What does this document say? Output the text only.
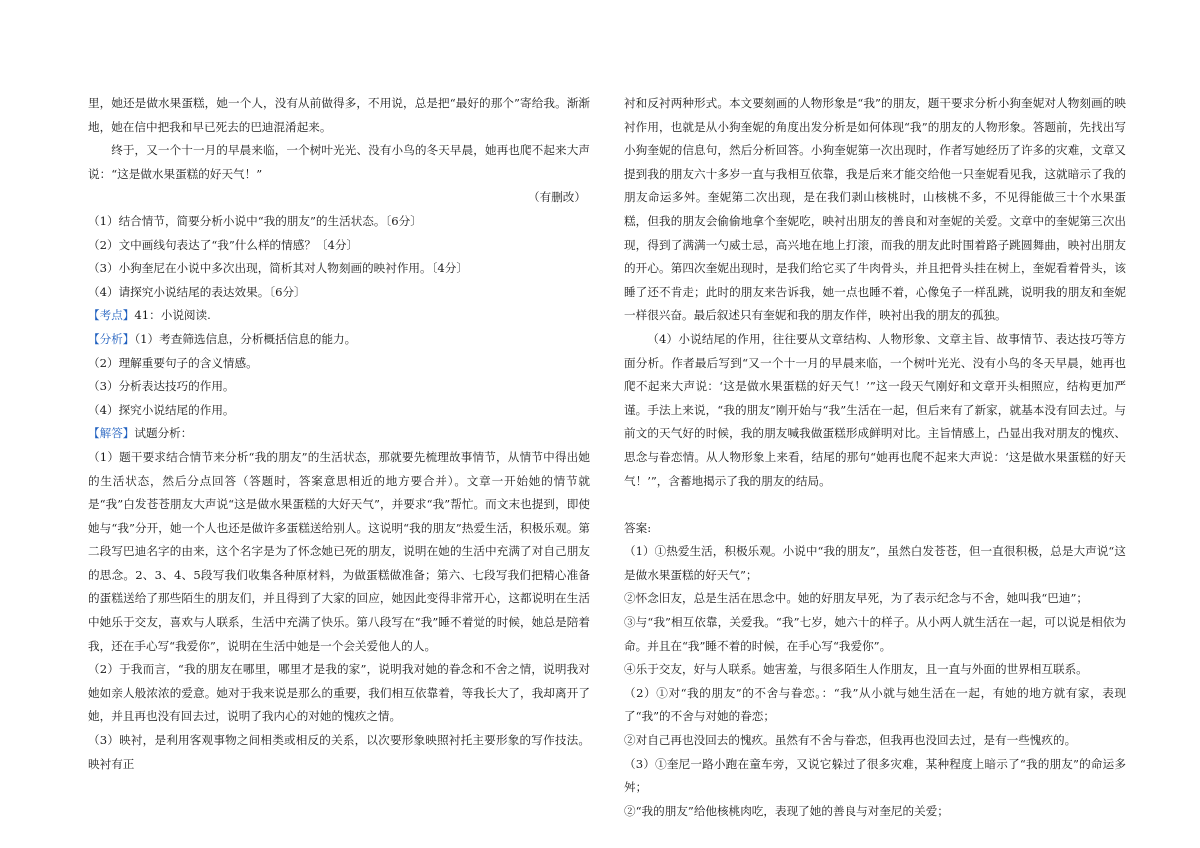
里，她还是做水果蛋糕，她一个人，没有从前做得多，不用说，总是把“最好的那个”寄给我。渐渐地，她在信中把我和早已死去的巴迪混淆起来。

终于，又一个十一月的早晨来临，一个树叶光光、没有小鸟的冬天早晨，她再也爬不起来大声说：“这是做水果蛋糕的好天气！”

（有删改）

（1）结合情节，简要分析小说中“我的朋友”的生活状态。〔6分〕

（2）文中画线句表达了“我”什么样的情感？〔4分〕

（3）小狗奎尼在小说中多次出现，简析其对人物刻画的映衬作用。〔4分〕

（4）请探究小说结尾的表达效果。〔6分〕

【考点】41：小说阅读.

【分析】（1）考查筛选信息，分析概括信息的能力。

（2）理解重要句子的含义情感。

（3）分析表达技巧的作用。

（4）探究小说结尾的作用。

【解答】试题分析：

（1）题干要求结合情节来分析“我的朋友”的生活状态，那就要先梳理故事情节，从情节中得出她的生活状态，然后分点回答（答题时，答案意思相近的地方要合并）。文章一开始她的情节就是“我”白发苍苍朋友大声说“这是做水果蛋糕的大好天气”，并要求“我”帮忙。而文末也提到，即使她与“我”分开，她一个人也还是做许多蛋糕送给别人。这说明“我的朋友”热爱生活，积极乐观。第二段写巴迪名字的由来，这个名字是为了怀念她已死的朋友，说明在她的生活中充满了对自己朋友的思念。2、3、4、5段写我们收集各种原材料，为做蛋糕做准备；第六、七段写我们把精心准备的蛋糕送给了那些陌生的朋友们，并且得到了大家的回应，她因此变得非常开心，这都说明在生活中她乐于交友，喜欢与人联系，生活中充满了快乐。第八段写在“我”睡不着觉的时候，她总是陪着我，还在手心写“我爱你”，说明在生活中她是一个会关爱他人的人。

（2）于我而言，“我的朋友在哪里，哪里才是我的家”，说明我对她的眷念和不舍之情，说明我对她如亲人般浓浓的爱意。她对于我来说是那么的重要，我们相互依靠着，等我长大了，我却离开了她，并且再也没有回去过，说明了我内心的对她的愧疚之情。

（3）映衬，是利用客观事物之间相类或相反的关系，以次要形象映照衬托主要形象的写作技法。映衬有正

衬和反衬两种形式。本文要刻画的人物形象是“我”的朋友，题干要求分析小狗奎妮对人物刻画的映衬作用，也就是从小狗奎妮的角度出发分析是如何体现“我”的朋友的人物形象。答题前，先找出写小狗奎妮的信息句，然后分析回答。小狗奎妮第一次出现时，作者写她经历了许多的灾难，文章又提到我的朋友六十多岁一直与我相互依靠，我是后来才能交给他一只奎妮看见我，这就暗示了我的朋友命运多舛。奎妮第二次出现，是在我们剥山核桃时，山核桃不多，不见得能做三十个水果蛋糕，但我的朋友会偷偷地拿个奎妮吃，映衬出朋友的善良和对奎妮的关爱。文章中的奎妮第三次出现，得到了满满一勺威士忌，高兴地在地上打滚，而我的朋友此时围着路子跳圆舞曲，映衬出朋友的开心。第四次奎妮出现时，是我们给它买了牛肉骨头，并且把骨头挂在树上，奎妮看着骨头，该睡了还不肯走；此时的朋友来告诉我，她一点也睡不着，心像兔子一样乱跳，说明我的朋友和奎妮一样很兴奋。最后叙述只有奎妮和我的朋友作伴，映衬出我的朋友的孤独。

（4）小说结尾的作用，往往要从文章结构、人物形象、文章主旨、故事情节、表达技巧等方面分析。作者最后写到“又一个十一月的早晨来临，一个树叶光光、没有小鸟的冬天早晨，她再也爬不起来大声说：‘这是做水果蛋糕的好天气！’”这一段天气刚好和文章开头相照应，结构更加严谨。手法上来说，“我的朋友”刚开始与“我”生活在一起，但后来有了新家，就基本没有回去过。与前文的天气好的时候，我的朋友喊我做蛋糕形成鲜明对比。主旨情感上，凸显出我对朋友的愧疚、思念与眷恋情。从人物形象上来看，结尾的那句“她再也爬不起来大声说：‘这是做水果蛋糕的好天气！’”，含蓄地揭示了我的朋友的结局。

答案:

（1）①热爱生活，积极乐观。小说中“我的朋友”，虽然白发苍苍，但一直很积极，总是大声说“这是做水果蛋糕的好天气”；

②怀念旧友，总是生活在思念中。她的好朋友早死，为了表示纪念与不舍，她叫我“巴迪”；

③与“我”相互依靠，关爱我。“我”七岁，她六十的样子。从小两人就生活在一起，可以说是相依为命。并且在“我”睡不着的时候，在手心写“我爱你”。

④乐于交友，好与人联系。她害羞，与很多陌生人作朋友，且一直与外面的世界相互联系。

（2）①对“我的朋友”的不舍与眷恋。：“我”从小就与她生活在一起，有她的地方就有家，表现了“我”的不舍与对她的眷恋；

②对自己再也没回去的愧疚。虽然有不舍与眷恋，但我再也没回去过，是有一些愧疚的。

（3）①奎尼一路小跑在童车旁，又说它躲过了很多灾难，某种程度上暗示了“我的朋友”的命运多舛；

②“我的朋友”给他核桃肉吃，表现了她的善良与对奎尼的关爱；
